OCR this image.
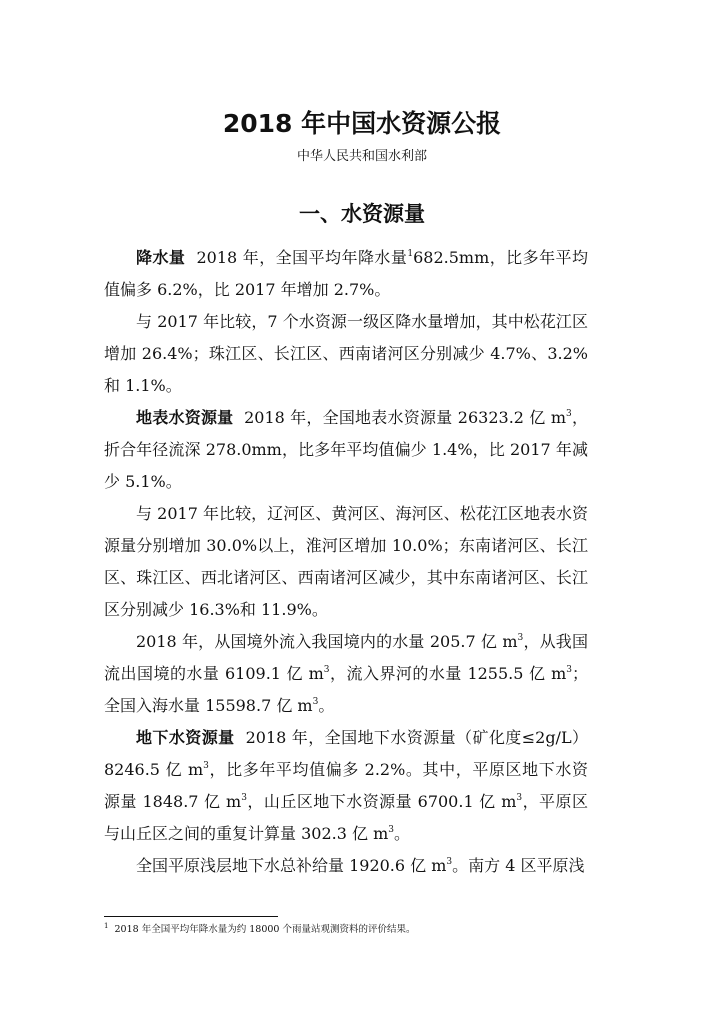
2018 年中国水资源公报
中华人民共和国水利部
一、水资源量

降水量 2018 年，全国平均年降水量$^1$682.5mm，比多年平均值偏多 6.2%，比 2017 年增加 2.7%。

与 2017 年比较，7 个水资源一级区降水量增加，其中松花江区增加 26.4%；珠江区、长江区、西南诸河区分别减少 4.7%、3.2%和 1.1%。

地表水资源量 2018 年，全国地表水资源量 26323.2 亿 $m^3$，折合年径流深 278.0mm，比多年平均值偏少 1.4%，比 2017 年减少 5.1%。

与 2017 年比较，辽河区、黄河区、海河区、松花江区地表水资源量分别增加 30.0%以上，淮河区增加 10.0%；东南诸河区、长江区、珠江区、西北诸河区、西南诸河区减少，其中东南诸河区、长江区分别减少 16.3%和 11.9%。

2018 年，从国境外流入我国境内的水量 205.7 亿 $m^3$，从我国流出国境的水量 6109.1 亿 $m^3$，流入界河的水量 1255.5 亿 $m^3$；全国入海水量 15598.7 亿 $m^3$。

地下水资源量 2018 年，全国地下水资源量（矿化度≤2g/L）8246.5 亿 $m^3$，比多年平均值偏多 2.2%。其中，平原区地下水资源量 1848.7 亿 $m^3$，山丘区地下水资源量 6700.1 亿 $m^3$，平原区与山丘区之间的重复计算量 302.3 亿 $m^3$。

全国平原浅层地下水总补给量 1920.6 亿 $m^3$。南方 4 区平原浅

$^1$ 2018 年全国平均年降水量为约 18000 个雨量站观测资料的评价结果。
